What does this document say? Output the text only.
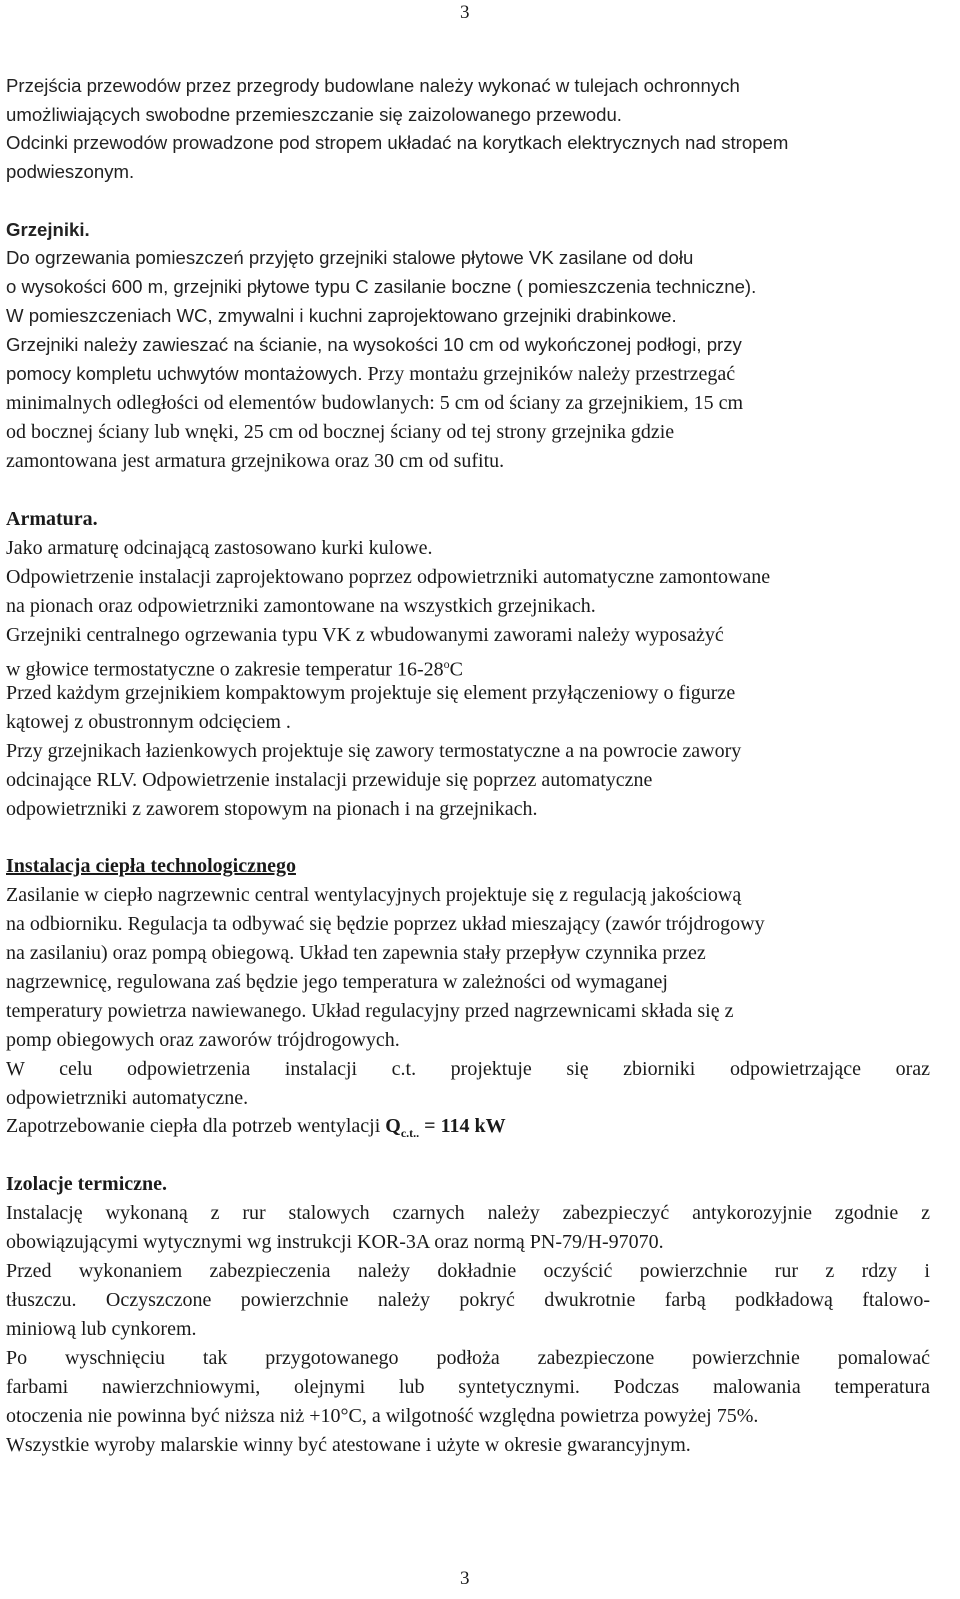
3
Przejścia przewodów przez przegrody budowlane należy wykonać w tulejach ochronnych
umożliwiających swobodne przemieszczanie się zaizolowanego przewodu.
Odcinki przewodów prowadzone pod stropem układać na korytkach elektrycznych nad stropem
podwieszonym.
Grzejniki.
Do ogrzewania pomieszczeń przyjęto grzejniki stalowe płytowe VK zasilane od dołu
o wysokości 600 m, grzejniki płytowe typu C zasilanie boczne ( pomieszczenia techniczne).
W pomieszczeniach WC, zmywalni i kuchni zaprojektowano grzejniki drabinkowe.
Grzejniki należy zawieszać na ścianie, na wysokości 10 cm od wykończonej podłogi, przy
pomocy kompletu uchwytów montażowych. Przy montażu grzejników należy przestrzegać
minimalnych odległości od elementów budowlanych: 5 cm od ściany za grzejnikiem, 15 cm
od bocznej ściany lub wnęki, 25 cm od bocznej ściany od tej strony grzejnika gdzie
zamontowana jest armatura grzejnikowa oraz 30 cm od sufitu.
Armatura.
Jako armaturę odcinającą zastosowano kurki kulowe.
Odpowietrzenie instalacji zaprojektowano poprzez odpowietrzniki automatyczne zamontowane
na pionach oraz odpowietrzniki zamontowane na wszystkich grzejnikach.
Grzejniki centralnego ogrzewania typu VK z wbudowanymi zaworami należy wyposażyć
w głowice termostatyczne o zakresie temperatur 16-28$^o$C
Przed każdym grzejnikiem kompaktowym projektuje się element przyłączeniowy o figurze
kątowej z obustronnym odcięciem .
Przy grzejnikach łazienkowych projektuje się zawory termostatyczne a na powrocie zawory
odcinające RLV. Odpowietrzenie instalacji przewiduje się poprzez automatyczne
odpowietrzniki z zaworem stopowym na pionach i na grzejnikach.
Instalacja ciepła technologicznego
Zasilanie w ciepło nagrzewnic central wentylacyjnych projektuje się z regulacją jakościową
na odbiorniku. Regulacja ta odbywać się będzie poprzez układ mieszający (zawór trójdrogowy
na zasilaniu) oraz pompą obiegową. Układ ten zapewnia stały przepływ czynnika przez
nagrzewnicę, regulowana zaś będzie jego temperatura w zależności od wymaganej
temperatury powietrza nawiewanego. Układ regulacyjny przed nagrzewnicami składa się z
pomp obiegowych oraz zaworów trójdrogowych.
W celu odpowietrzenia instalacji c.t. projektuje się zbiorniki odpowietrzające oraz
odpowietrzniki automatyczne.
Zapotrzebowanie ciepła dla potrzeb wentylacji $Q_{c.t..} = 114$ kW
Izolacje termiczne.
Instalację wykonaną z rur stalowych czarnych należy zabezpieczyć antykorozyjnie zgodnie z
obowiązującymi wytycznymi wg instrukcji KOR-3A oraz normą PN-79/H-97070.
Przed wykonaniem zabezpieczenia należy dokładnie oczyścić powierzchnie rur z rdzy i
tłuszczu. Oczyszczone powierzchnie należy pokryć dwukrotnie farbą podkładową ftalowo-
miniową lub cynkorem.
Po wyschnięciu tak przygotowanego podłoża zabezpieczone powierzchnie pomalować
farbami nawierzchniowymi, olejnymi lub syntetycznymi. Podczas malowania temperatura
otoczenia nie powinna być niższa niż +10°C, a wilgotność względna powietrza powyżej 75%.
Wszystkie wyroby malarskie winny być atestowane i użyte w okresie gwarancyjnym.
3
